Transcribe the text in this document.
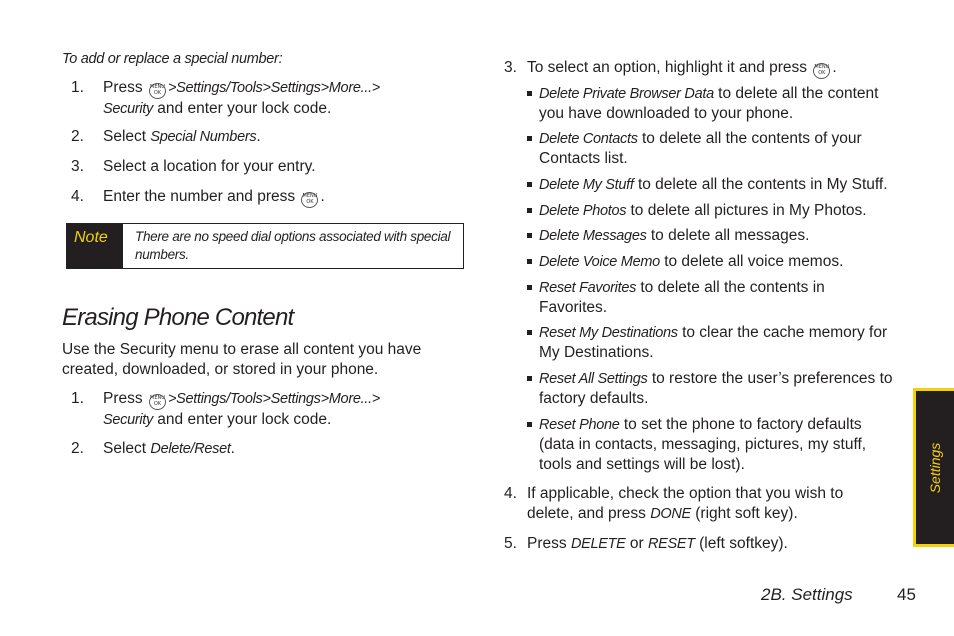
To add or replace a special number:
1. Press MENU
OK >Settings/Tools>Settings>More...>
Security and enter your lock code.
2. Select Special Numbers.
3. Select a location for your entry.
4. Enter the number and press MENU
OK .
Note	There are no speed dial options associated with special numbers.
Erasing Phone Content
Use the Security menu to erase all content you have created, downloaded, or stored in your phone.
1. Press MENU
OK >Settings/Tools>Settings>More...>
Security and enter your lock code.
2. Select Delete/Reset.
3. To select an option, highlight it and press MENU
OK .
Delete Private Browser Data to delete all the content you have downloaded to your phone.
Delete Contacts to delete all the contents of your Contacts list.
Delete My Stuff to delete all the contents in My Stuff.
Delete Photos to delete all pictures in My Photos.
Delete Messages to delete all messages.
Delete Voice Memo to delete all voice memos.
Reset Favorites to delete all the contents in Favorites.
Reset My Destinations to clear the cache memory for My Destinations.
Reset All Settings to restore the user’s preferences to factory defaults.
Reset Phone to set the phone to factory defaults (data in contacts, messaging, pictures, my stuff, tools and settings will be lost).
4. If applicable, check the option that you wish to delete, and press DONE (right soft key).
5. Press DELETE or RESET (left softkey).
Settings
2B. Settings	45
